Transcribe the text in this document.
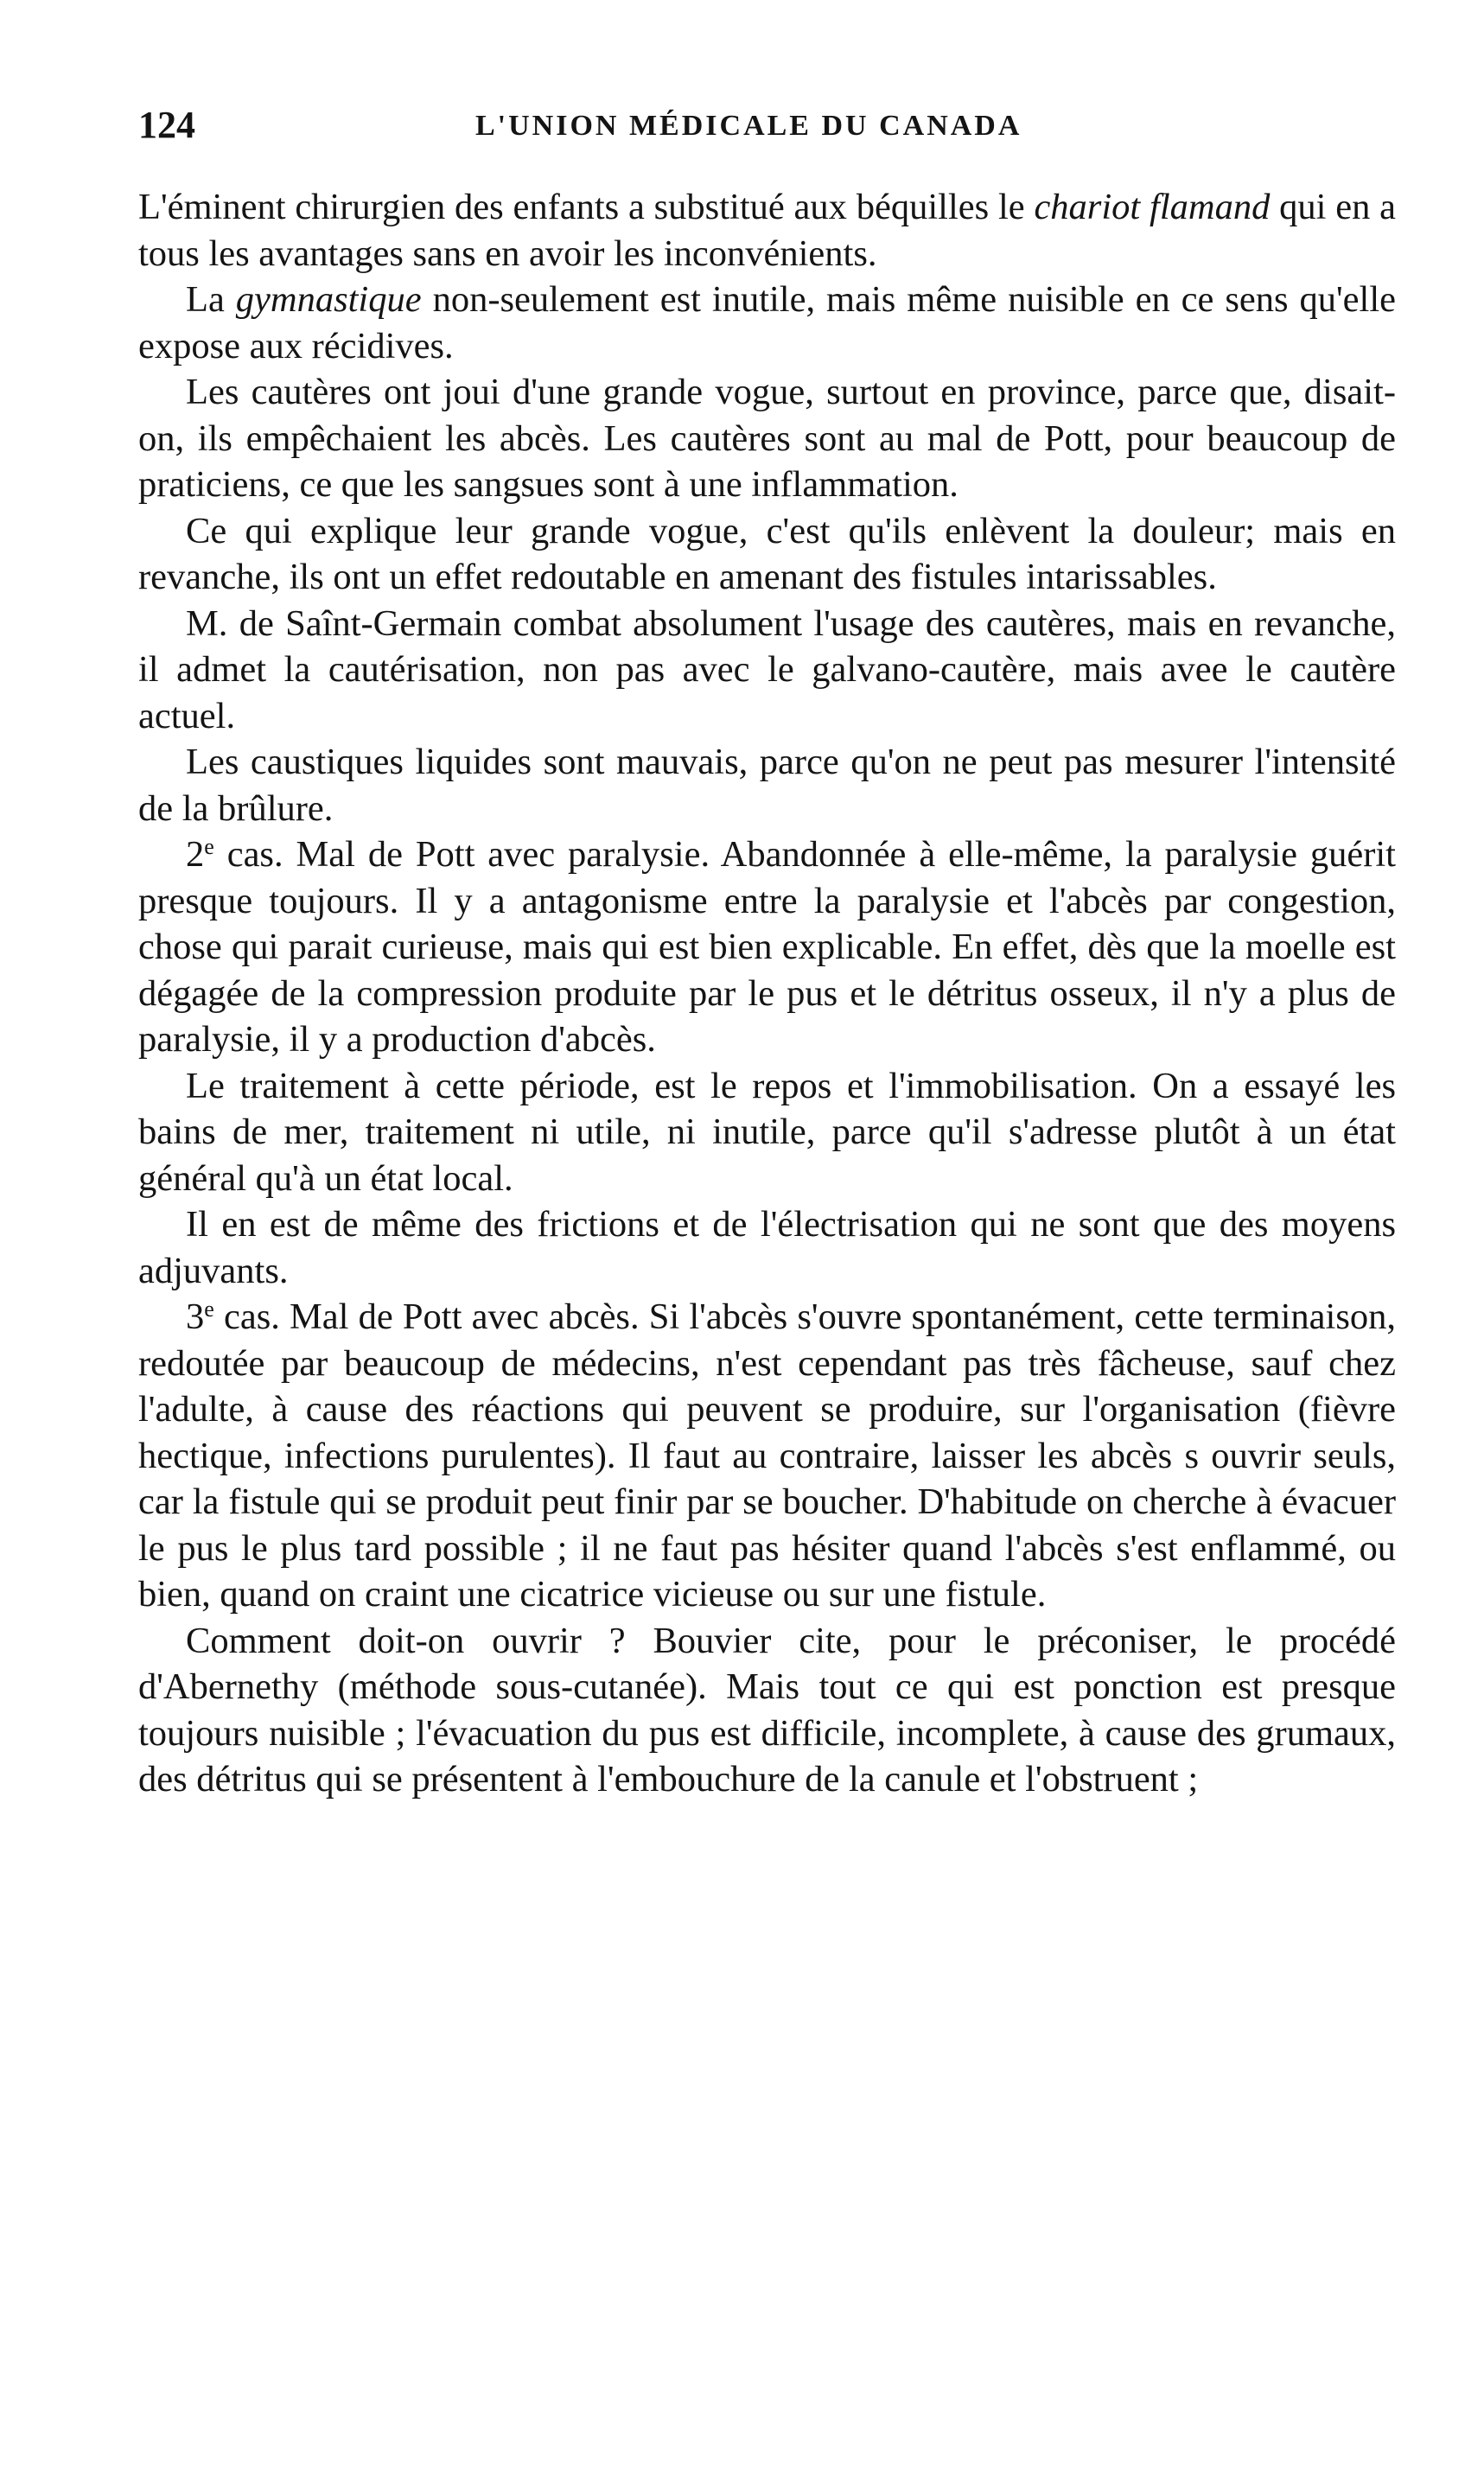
124	L'UNION MÉDICALE DU CANADA

L'éminent chirurgien des enfants a substitué aux béquilles le chariot flamand qui en a tous les avantages sans en avoir les inconvénients.

La gymnastique non-seulement est inutile, mais même nuisible en ce sens qu'elle expose aux récidives.

Les cautères ont joui d'une grande vogue, surtout en province, parce que, disait-on, ils empêchaient les abcès. Les cautères sont au mal de Pott, pour beaucoup de praticiens, ce que les sangsues sont à une inflammation.

Ce qui explique leur grande vogue, c'est qu'ils enlèvent la douleur; mais en revanche, ils ont un effet redoutable en amenant des fistules intarissables.

M. de Saînt-Germain combat absolument l'usage des cautères, mais en revanche, il admet la cautérisation, non pas avec le galvano-cautère, mais avee le cautère actuel.

Les caustiques liquides sont mauvais, parce qu'on ne peut pas mesurer l'intensité de la brûlure.

2e cas. Mal de Pott avec paralysie. Abandonnée à elle-même, la paralysie guérit presque toujours. Il y a antagonisme entre la paralysie et l'abcès par congestion, chose qui parait curieuse, mais qui est bien explicable. En effet, dès que la moelle est dégagée de la compression produite par le pus et le détritus osseux, il n'y a plus de paralysie, il y a production d'abcès.

Le traitement à cette période, est le repos et l'immobilisation. On a essayé les bains de mer, traitement ni utile, ni inutile, parce qu'il s'adresse plutôt à un état général qu'à un état local.

Il en est de même des frictions et de l'électrisation qui ne sont que des moyens adjuvants.

3e cas. Mal de Pott avec abcès. Si l'abcès s'ouvre spontanément, cette terminaison, redoutée par beaucoup de médecins, n'est cependant pas très fâcheuse, sauf chez l'adulte, à cause des réactions qui peuvent se produire, sur l'organisation (fièvre hectique, infections purulentes). Il faut au contraire, laisser les abcès s ouvrir seuls, car la fistule qui se produit peut finir par se boucher. D'habitude on cherche à évacuer le pus le plus tard possible ; il ne faut pas hésiter quand l'abcès s'est enflammé, ou bien, quand on craint une cicatrice vicieuse ou sur une fistule.

Comment doit-on ouvrir ? Bouvier cite, pour le préconiser, le procédé d'Abernethy (méthode sous-cutanée). Mais tout ce qui est ponction est presque toujours nuisible ; l'évacuation du pus est difficile, incomplete, à cause des grumaux, des détritus qui se présentent à l'embouchure de la canule et l'obstruent ;
